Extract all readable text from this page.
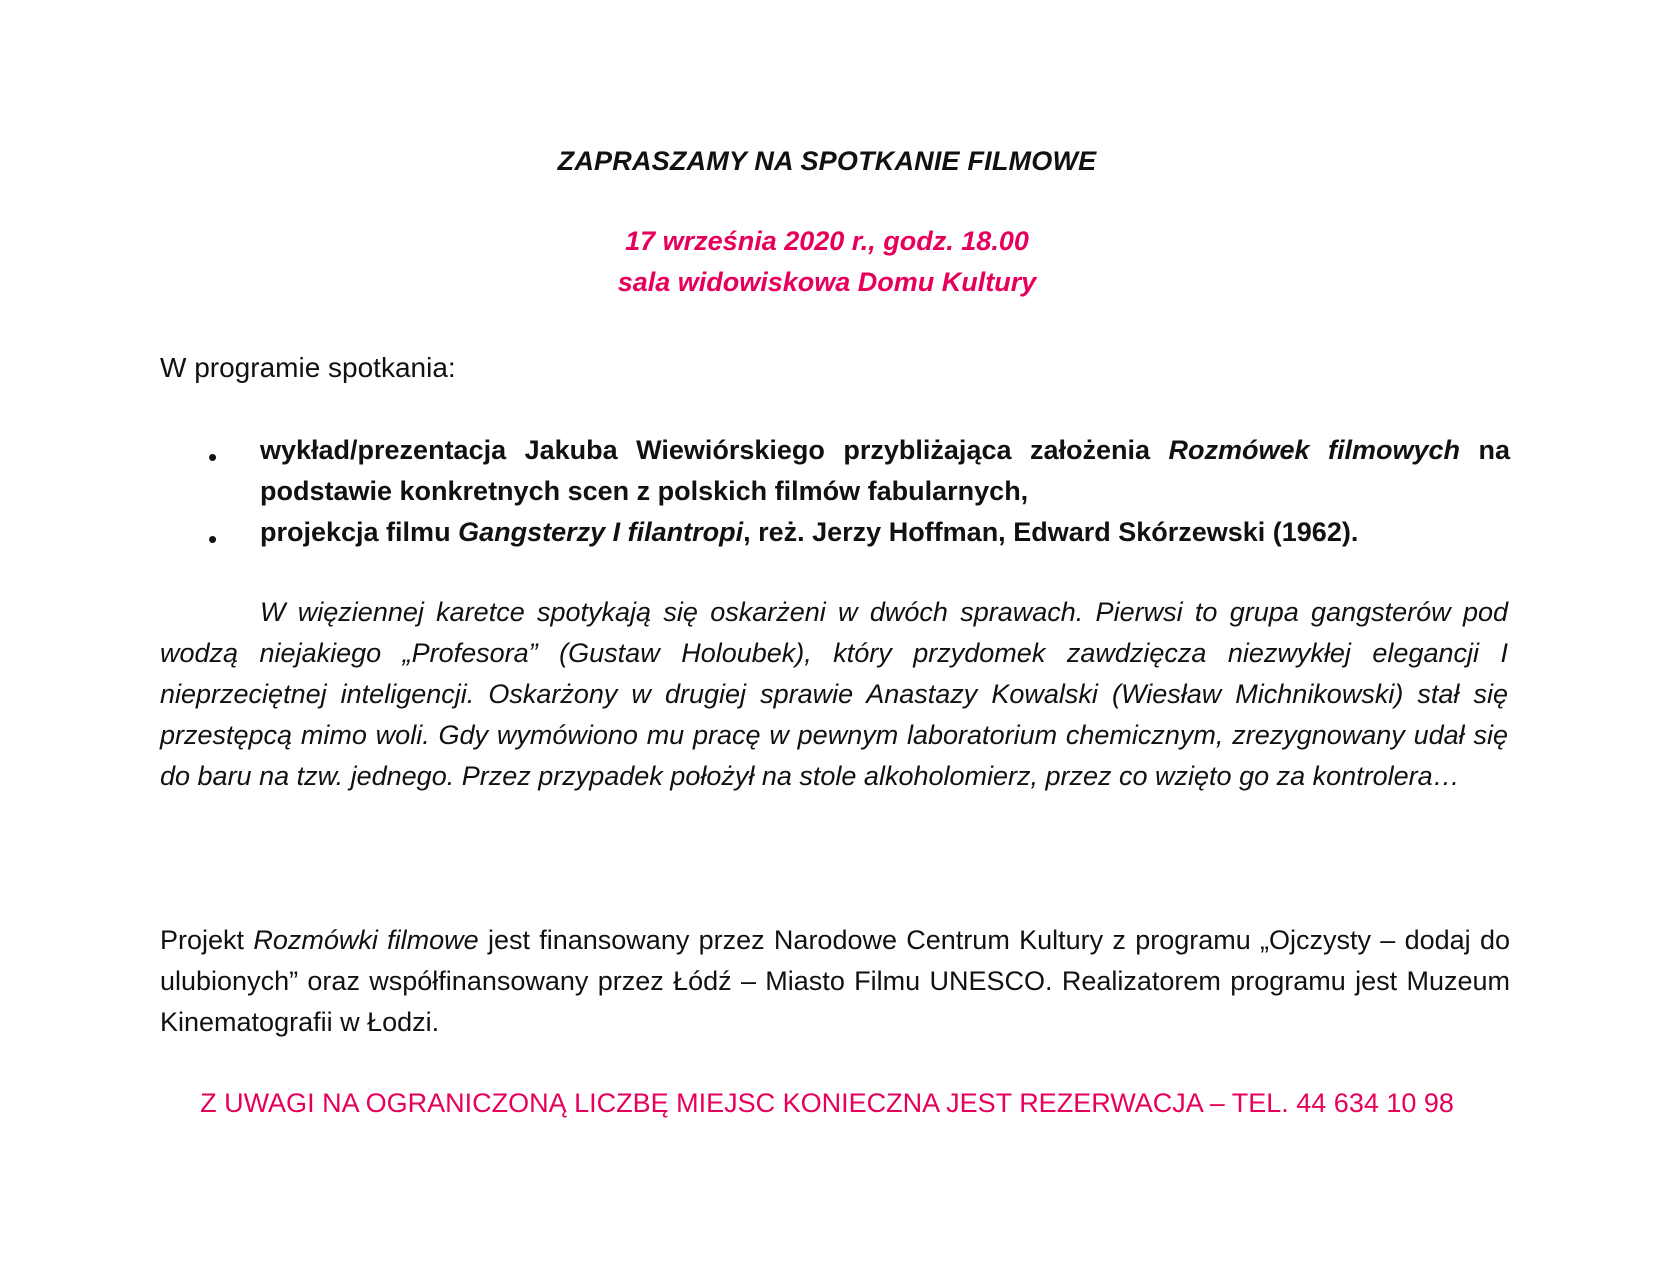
ZAPRASZAMY NA SPOTKANIE FILMOWE
17 września 2020 r., godz. 18.00
sala widowiskowa Domu Kultury
W programie spotkania:
• wykład/prezentacja Jakuba Wiewiórskiego przybliżająca założenia Rozmówek filmowych na podstawie konkretnych scen z polskich filmów fabularnych,
• projekcja filmu Gangsterzy I filantropi, reż. Jerzy Hoffman, Edward Skórzewski (1962).
W więziennej karetce spotykają się oskarżeni w dwóch sprawach. Pierwsi to grupa gangsterów pod wodzą niejakiego „Profesora” (Gustaw Holoubek), który przydomek zawdzięcza niezwykłej elegancji I nieprzeciętnej inteligencji. Oskarżony w drugiej sprawie Anastazy Kowalski (Wiesław Michnikowski) stał się przestępcą mimo woli. Gdy wymówiono mu pracę w pewnym laboratorium chemicznym, zrezygnowany udał się do baru na tzw. jednego. Przez przypadek położył na stole alkoholomierz, przez co wzięto go za kontrolera…
Projekt Rozmówki filmowe jest finansowany przez Narodowe Centrum Kultury z programu „Ojczysty – dodaj do ulubionych” oraz współfinansowany przez Łódź – Miasto Filmu UNESCO. Realizatorem programu jest Muzeum Kinematografii w Łodzi.
Z UWAGI NA OGRANICZONĄ LICZBĘ MIEJSC KONIECZNA JEST REZERWACJA – TEL. 44 634 10 98
